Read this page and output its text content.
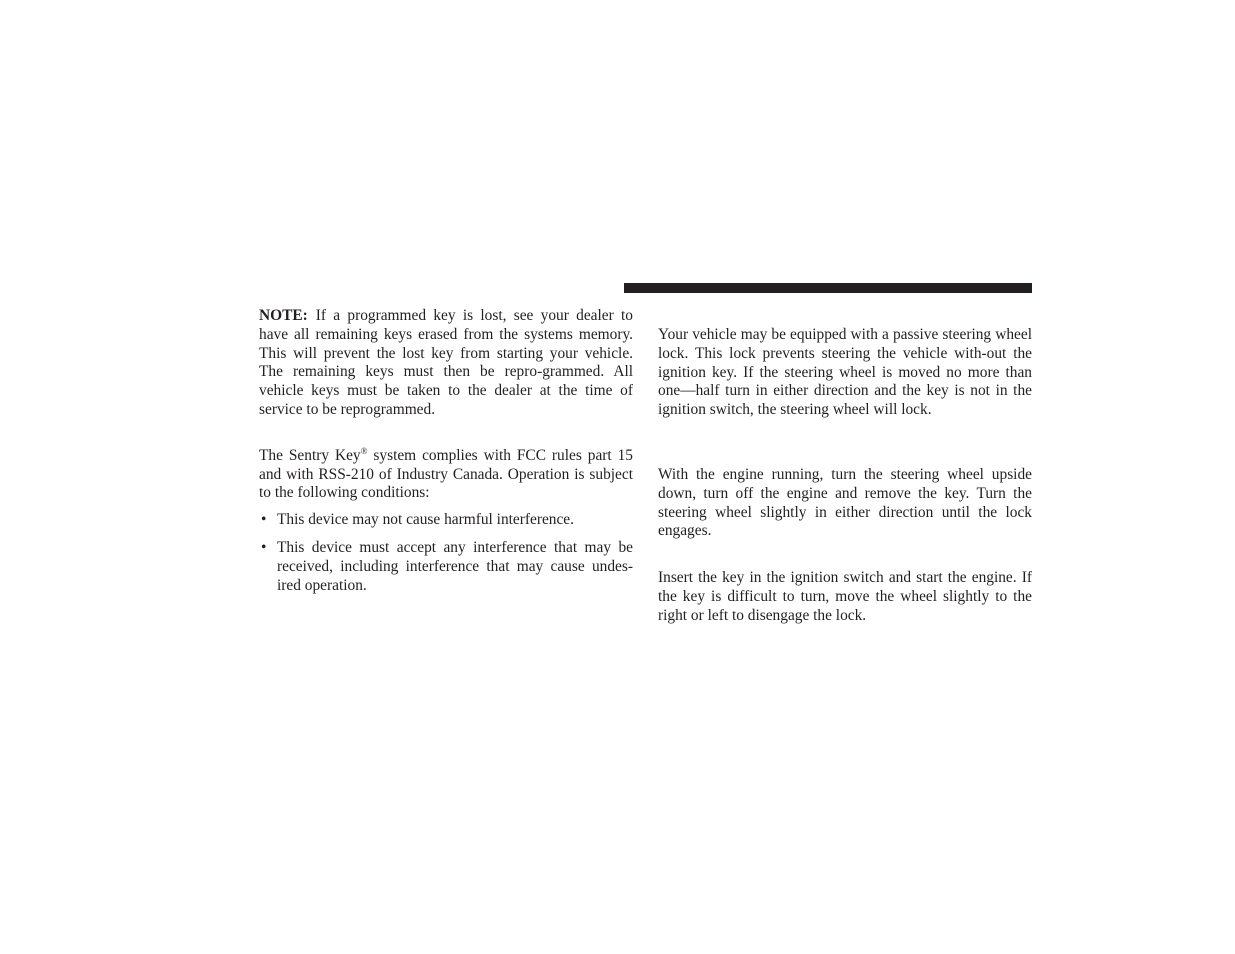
NOTE: If a programmed key is lost, see your dealer to have all remaining keys erased from the systems memory. This will prevent the lost key from starting your vehicle. The remaining keys must then be repro-grammed. All vehicle keys must be taken to the dealer at the time of service to be reprogrammed.

The Sentry Key® system complies with FCC rules part 15 and with RSS-210 of Industry Canada. Operation is subject to the following conditions:

• This device may not cause harmful interference.
• This device must accept any interference that may be received, including interference that may cause undes-ired operation.

Your vehicle may be equipped with a passive steering wheel lock. This lock prevents steering the vehicle with-out the ignition key. If the steering wheel is moved no more than one—half turn in either direction and the key is not in the ignition switch, the steering wheel will lock.

With the engine running, turn the steering wheel upside down, turn off the engine and remove the key. Turn the steering wheel slightly in either direction until the lock engages.

Insert the key in the ignition switch and start the engine. If the key is difficult to turn, move the wheel slightly to the right or left to disengage the lock.
